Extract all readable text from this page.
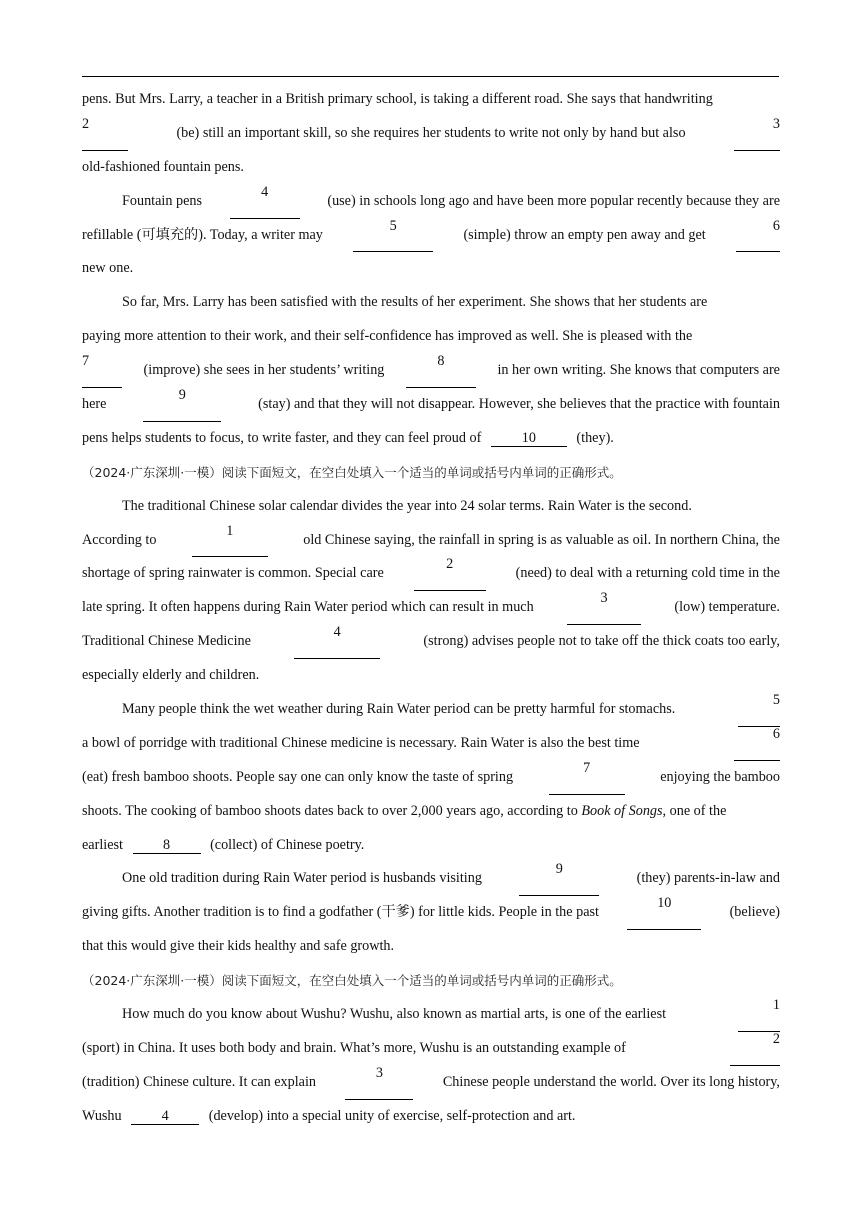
pens. But Mrs. Larry, a teacher in a British primary school, is taking a different road. She says that handwriting
2
(be) still an important skill, so she requires her students to write not only by hand but also
3
old-fashioned fountain pens.
Fountain pens
4
(use) in schools long ago and have been more popular recently because they are
refillable (可填充的). Today, a writer may
5
(simple) throw an empty pen away and get
6
new one.
So far, Mrs. Larry has been satisfied with the results of her experiment. She shows that her students are
paying more attention to their work, and their self-confidence has improved as well. She is pleased with the
7
(improve) she sees in her students’ writing
8
in her own writing. She knows that computers are
here
9
(stay) and that they will not disappear. However, she believes that the practice with fountain
pens helps students to focus, to write faster, and they can feel proud of	10	(they).
（2024·广东深圳·一模）阅读下面短文，在空白处填入一个适当的单词或括号内单词的正确形式。
The traditional Chinese solar calendar divides the year into 24 solar terms. Rain Water is the second.
According to
1
old Chinese saying, the rainfall in spring is as valuable as oil. In northern China, the
shortage of spring rainwater is common. Special care
2
(need) to deal with a returning cold time in the
late spring. It often happens during Rain Water period which can result in much
3
(low) temperature.
Traditional Chinese Medicine
4
(strong) advises people not to take off the thick coats too early,
especially elderly and children.
Many people think the wet weather during Rain Water period can be pretty harmful for stomachs.
5
a bowl of porridge with traditional Chinese medicine is necessary. Rain Water is also the best time
6
(eat) fresh bamboo shoots. People say one can only know the taste of spring
7
enjoying the bamboo
shoots. The cooking of bamboo shoots dates back to over 2,000 years ago, according to Book of Songs, one of the
earliest	8	(collect) of Chinese poetry.
One old tradition during Rain Water period is husbands visiting
9
(they) parents-in-law and
giving gifts. Another tradition is to find a godfather (干爹) for little kids. People in the past
10
(believe)
that this would give their kids healthy and safe growth.
（2024·广东深圳·一模）阅读下面短文，在空白处填入一个适当的单词或括号内单词的正确形式。
How much do you know about Wushu? Wushu, also known as martial arts, is one of the earliest
1
(sport) in China. It uses both body and brain. What’s more, Wushu is an outstanding example of
2
(tradition) Chinese culture. It can explain
3
Chinese people understand the world. Over its long history,
Wushu	4	(develop) into a special unity of exercise, self-protection and art.
